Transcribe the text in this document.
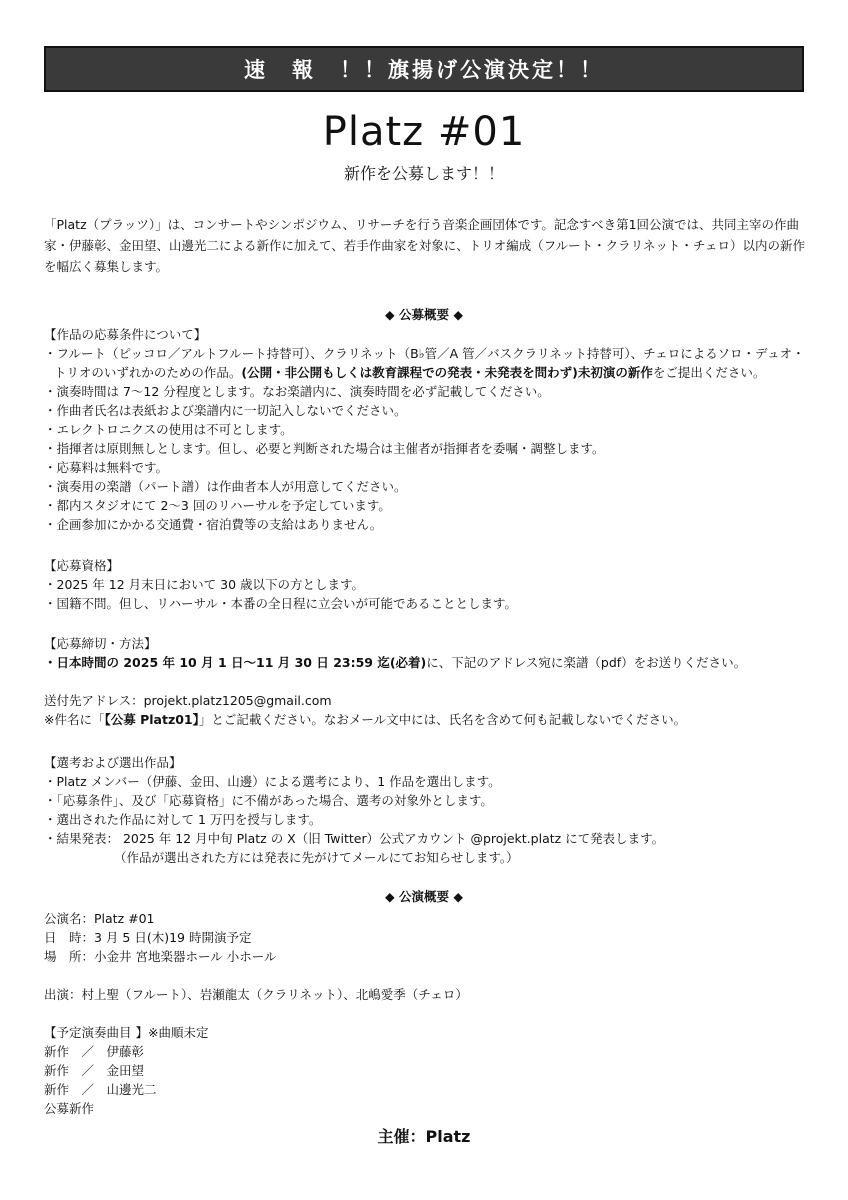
速　報　！！旗揚げ公演決定！！
Platz #01
新作を公募します！！
「Platz（プラッツ）」は、コンサートやシンポジウム、リサーチを行う音楽企画団体です。記念すべき第1回公演では、共同主宰の作曲家・伊藤彰、金田望、山邊光二による新作に加えて、若手作曲家を対象に、トリオ編成（フルート・クラリネット・チェロ）以内の新作を幅広く募集します。
◆ 公募概要 ◆

【作品の応募条件について】

・フルート（ピッコロ／アルトフルート持替可）、クラリネット（B♭管／A 管／バスクラリネット持替可）、チェロによるソロ・デュオ・トリオのいずれかのための作品。(公開・非公開もしくは教育課程での発表・未発表を問わず)未初演の新作をご提出ください。

・演奏時間は 7～12 分程度とします。なお楽譜内に、演奏時間を必ず記載してください。

・作曲者氏名は表紙および楽譜内に一切記入しないでください。

・エレクトロニクスの使用は不可とします。

・指揮者は原則無しとします。但し、必要と判断された場合は主催者が指揮者を委嘱・調整します。

・応募料は無料です。

・演奏用の楽譜（パート譜）は作曲者本人が用意してください。

・都内スタジオにて 2～3 回のリハーサルを予定しています。

・企画参加にかかる交通費・宿泊費等の支給はありません。

【応募資格】

・2025 年 12 月末日において 30 歳以下の方とします。

・国籍不問。但し、リハーサル・本番の全日程に立会いが可能であることとします。

【応募締切・方法】

・日本時間の 2025 年 10 月 1 日～11 月 30 日 23:59 迄(必着)に、下記のアドレス宛に楽譜（pdf）をお送りください。

送付先アドレス：projekt.platz1205@gmail.com

※件名に「【公募 Platz01】」とご記載ください。なおメール文中には、氏名を含めて何も記載しないでください。

【選考および選出作品】

・Platz メンバー（伊藤、金田、山邊）による選考により、1 作品を選出します。

・「応募条件」、及び「応募資格」に不備があった場合、選考の対象外とします。

・選出された作品に対して 1 万円を授与します。

・結果発表： 2025 年 12 月中旬 Platz の X（旧 Twitter）公式アカウント @projekt.platz にて発表します。

（作品が選出された方には発表に先がけてメールにてお知らせします。）

◆ 公演概要 ◆

公演名：Platz #01

日　時：3 月 5 日(木)19 時開演予定

場　所：小金井 宮地楽器ホール 小ホール

出演：村上聖（フルート）、岩瀬龍太（クラリネット）、北嶋愛季（チェロ）

【予定演奏曲目 】※曲順未定

新作　／　伊藤彰

新作　／　金田望

新作　／　山邊光二

公募新作

主催：Platz
